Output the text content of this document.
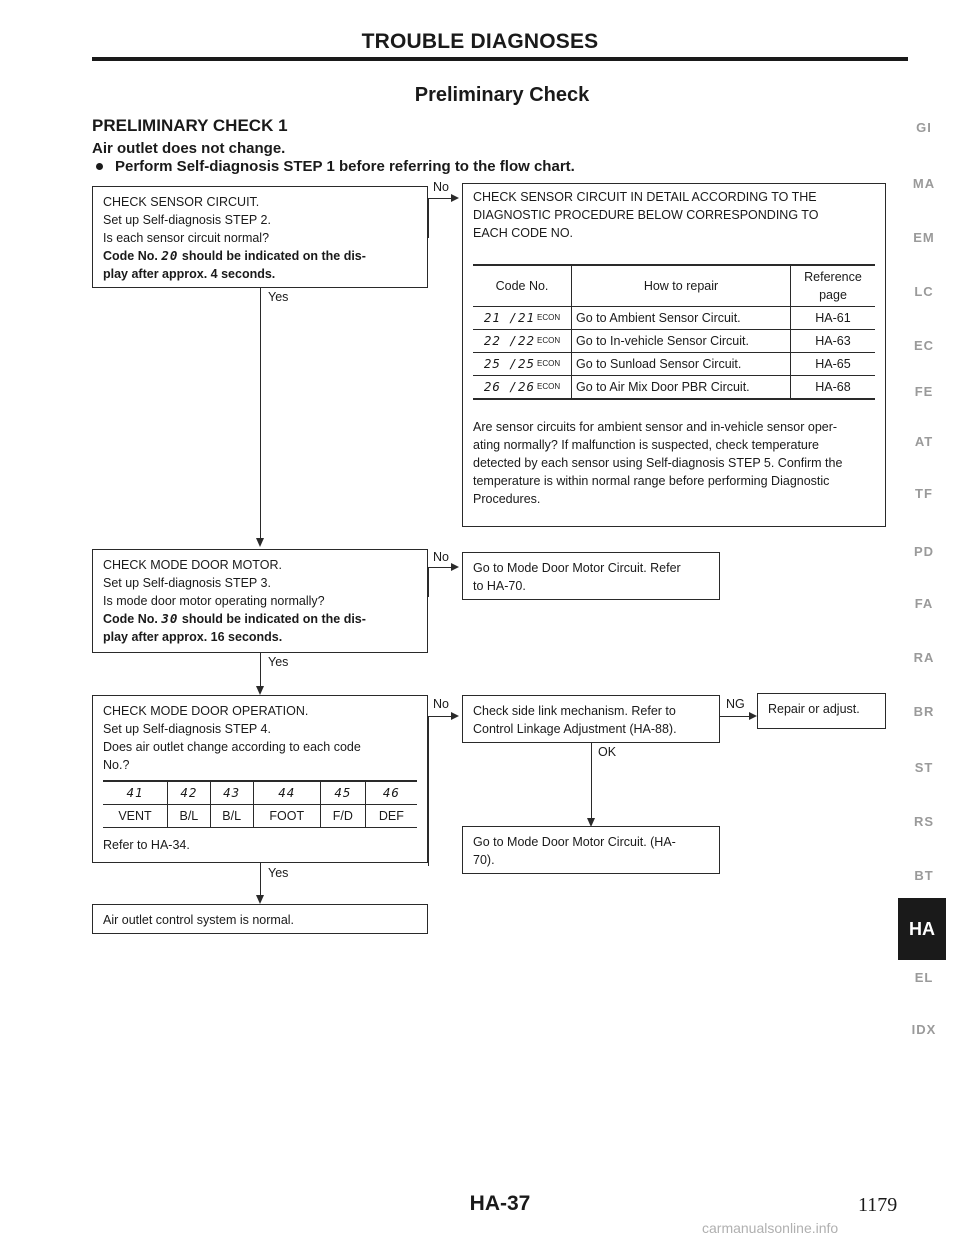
TROUBLE DIAGNOSES
Preliminary Check
PRELIMINARY CHECK 1
Air outlet does not change.
Perform Self-diagnosis STEP 1 before referring to the flow chart.
CHECK SENSOR CIRCUIT.
Set up Self-diagnosis STEP 2.
Is each sensor circuit normal?
Code No. 20 should be indicated on the dis-
play after approx. 4 seconds.
No
CHECK SENSOR CIRCUIT IN DETAIL ACCORDING TO THE
DIAGNOSTIC PROCEDURE BELOW CORRESPONDING TO
EACH CODE NO.
Code No.	How to repair	Reference
page

21 /21 $^{ECON}$	Go to Ambient Sensor Circuit.	HA-61
22 /22 $^{ECON}$	Go to In-vehicle Sensor Circuit.	HA-63
25 /25 $^{ECON}$	Go to Sunload Sensor Circuit.	HA-65
26 /26 $^{ECON}$	Go to Air Mix Door PBR Circuit.	HA-68
Are sensor circuits for ambient sensor and in-vehicle sensor oper-
ating normally? If malfunction is suspected, check temperature
detected by each sensor using Self-diagnosis STEP 5. Confirm the
temperature is within normal range before performing Diagnostic
Procedures.
Yes
CHECK MODE DOOR MOTOR.
Set up Self-diagnosis STEP 3.
Is mode door motor operating normally?
Code No. 30 should be indicated on the dis-
play after approx. 16 seconds.
No
Go to Mode Door Motor Circuit. Refer
to HA-70.
Yes
CHECK MODE DOOR OPERATION.
Set up Self-diagnosis STEP 4.
Does air outlet change according to each code
No.?
41	42	43	44	45	46
VENT	B/L	B/L	FOOT	F/D	DEF
Refer to HA-34.
No Check side link mechanism. Refer to
Control Linkage Adjustment (HA-88).
NG Repair or adjust.
OK
Go to Mode Door Motor Circuit. (HA-
70).
Yes
Air outlet control system is normal.
GI
MA
EM
LC
EC
FE
AT
TF
PD
FA
RA
BR
ST
RS
BT
HA
EL
IDX
HA-37	1179
carmanualsonline.info
